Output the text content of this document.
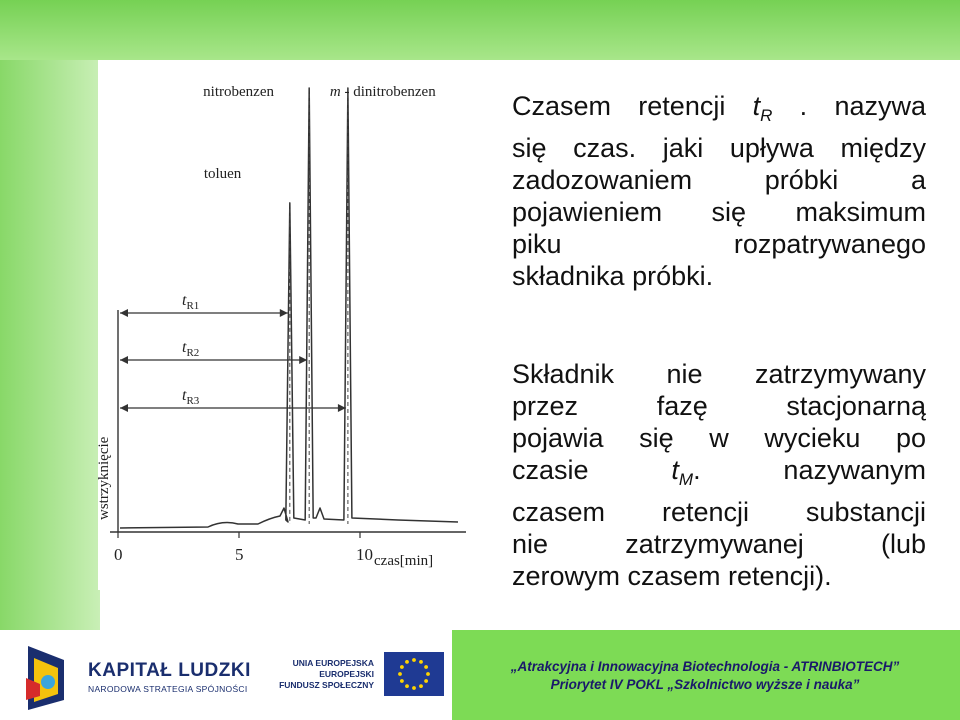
0	5	10 czas[min]
wstrzyknięcie
toluen
$t_{R1}$
nitrobenzen
$t_{R2}$
m - dinitrobenzen
$t_{R3}$
Czasem retencji $t_R$ . nazywa
się czas. jaki upływa między
zadozowaniem próbki a
pojawieniem się maksimum
piku rozpatrywanego
składnika próbki.
Składnik nie zatrzymywany
przez fazę stacjonarną
pojawia się w wycieku po
czasie $t_M$. nazywanym
czasem retencji substancji
nie zatrzymywanej (lub
zerowym czasem retencji).
KAPITAŁ LUDZKI
NARODOWA STRATEGIA SPÓJNOŚCI
UNIA EUROPEJSKA
EUROPEJSKI
FUNDUSZ SPOŁECZNY
„Atrakcyjna i Innowacyjna Biotechnologia - ATRINBIOTECH”
Priorytet IV POKL „Szkolnictwo wyższe i nauka”
